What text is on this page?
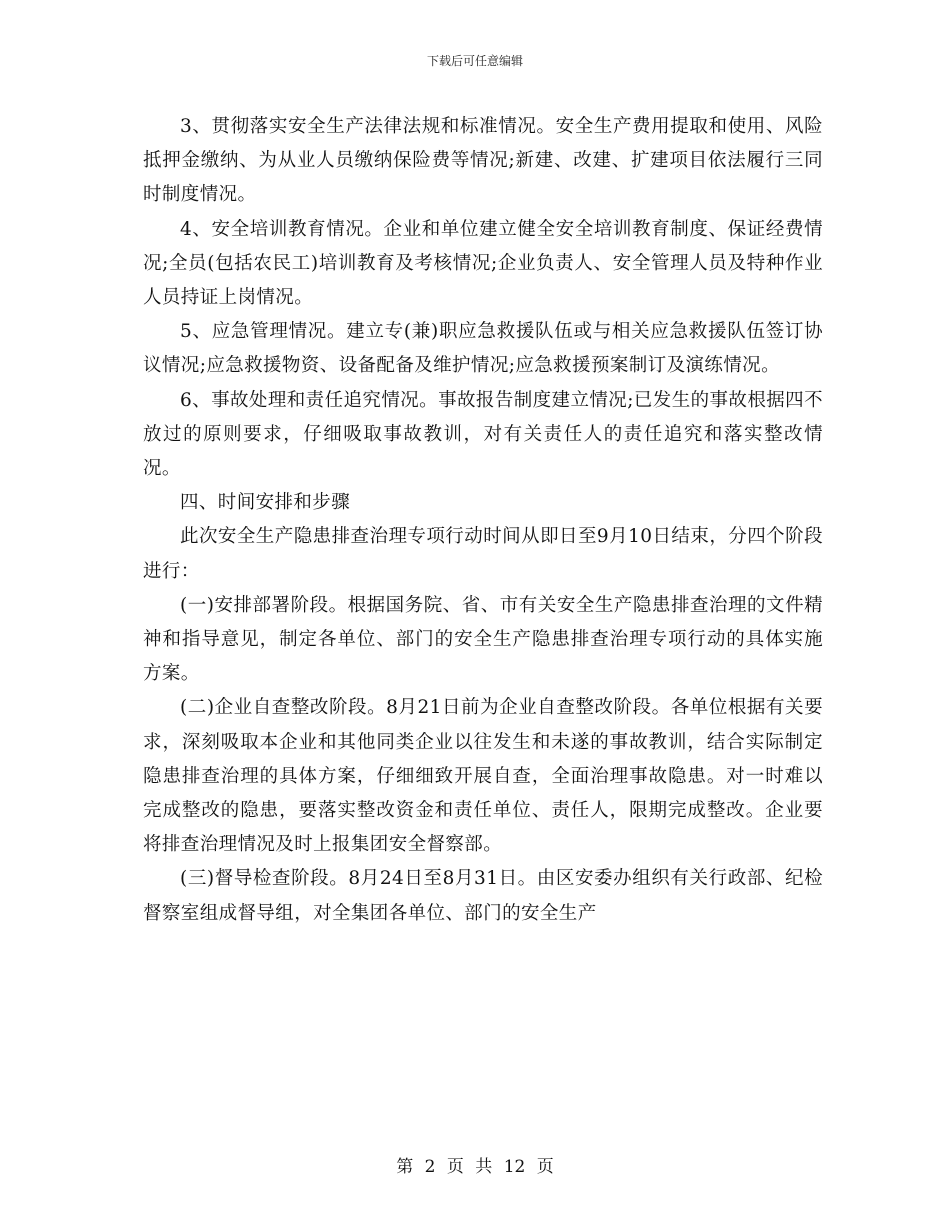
下载后可任意编辑

3、贯彻落实安全生产法律法规和标准情况。安全生产费用提取和使用、风险抵押金缴纳、为从业人员缴纳保险费等情况;新建、改建、扩建项目依法履行三同时制度情况。

4、安全培训教育情况。企业和单位建立健全安全培训教育制度、保证经费情况;全员(包括农民工)培训教育及考核情况;企业负责人、安全管理人员及特种作业人员持证上岗情况。

5、应急管理情况。建立专(兼)职应急救援队伍或与相关应急救援队伍签订协议情况;应急救援物资、设备配备及维护情况;应急救援预案制订及演练情况。

6、事故处理和责任追究情况。事故报告制度建立情况;已发生的事故根据四不放过的原则要求，仔细吸取事故教训，对有关责任人的责任追究和落实整改情况。

四、时间安排和步骤

此次安全生产隐患排查治理专项行动时间从即日至9月10日结束，分四个阶段进行：

(一)安排部署阶段。根据国务院、省、市有关安全生产隐患排查治理的文件精神和指导意见，制定各单位、部门的安全生产隐患排查治理专项行动的具体实施方案。

(二)企业自查整改阶段。8月21日前为企业自查整改阶段。各单位根据有关要求，深刻吸取本企业和其他同类企业以往发生和未遂的事故教训，结合实际制定隐患排查治理的具体方案，仔细细致开展自查，全面治理事故隐患。对一时难以完成整改的隐患，要落实整改资金和责任单位、责任人，限期完成整改。企业要将排查治理情况及时上报集团安全督察部。

(三)督导检查阶段。8月24日至8月31日。由区安委办组织有关行政部、纪检督察室组成督导组，对全集团各单位、部门的安全生产

第 2 页 共 12 页
